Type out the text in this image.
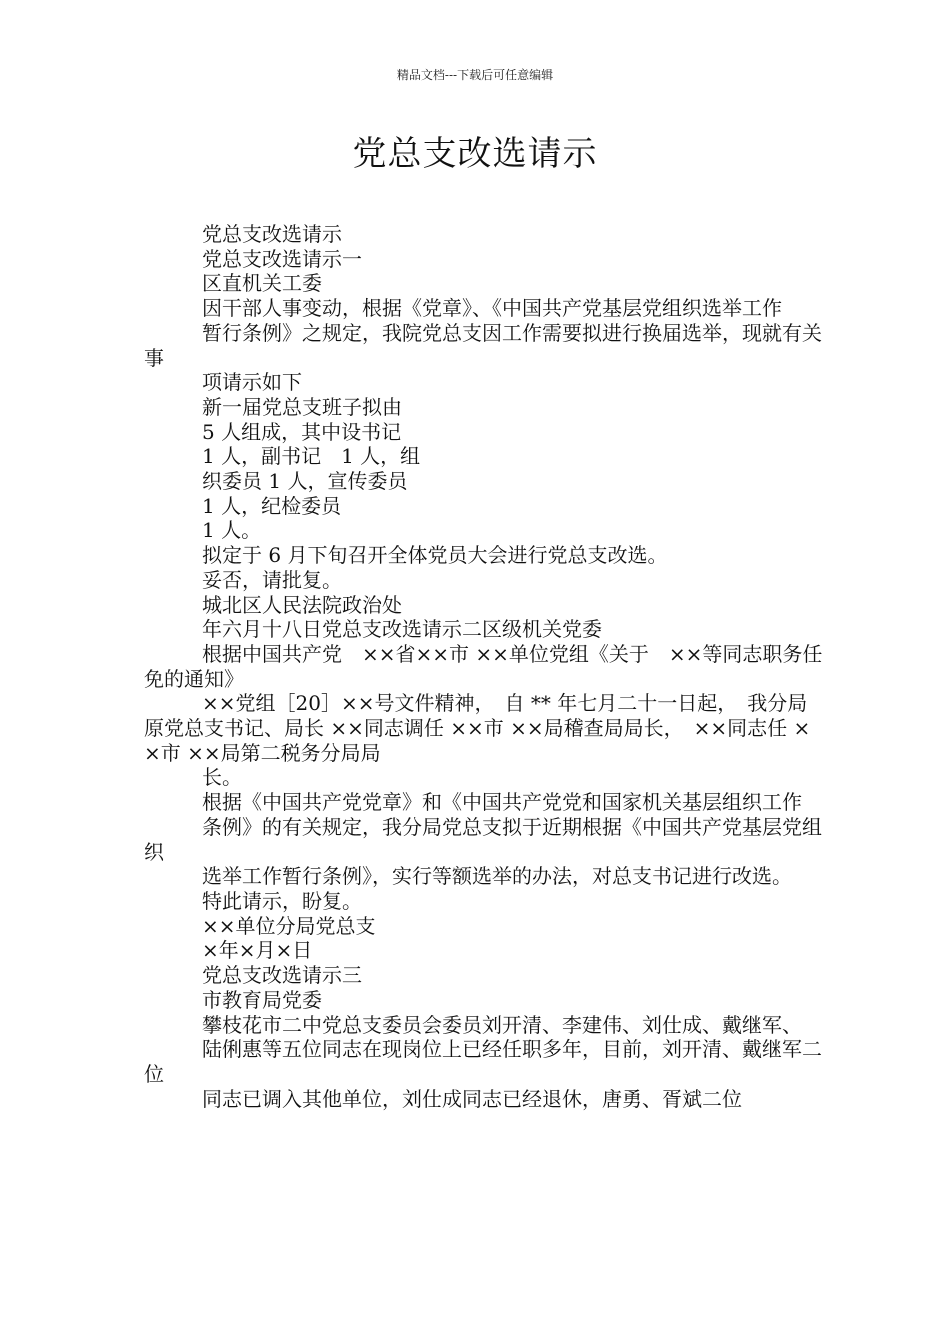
精品文档---下载后可任意编辑
党总支改选请示

党总支改选请示

党总支改选请示一

区直机关工委

因干部人事变动，根据《党章》、《中国共产党基层党组织选举工作

暂行条例》之规定，我院党总支因工作需要拟进行换届选举，现就有关事

项请示如下

新一届党总支班子拟由

5 人组成，其中设书记

1 人，副书记　1 人，组

织委员 1 人，宣传委员

1 人，纪检委员

1 人。

拟定于 6 月下旬召开全体党员大会进行党总支改选。

妥否，请批复。

城北区人民法院政治处

年六月十八日党总支改选请示二区级机关党委

根据中国共产党　××省××市 ××单位党组《关于　××等同志职务任免的通知》

××党组［20］××号文件精神，　自 ** 年七月二十一日起，　我分局原党总支书记、局长 ××同志调任 ××市 ××局稽查局局长，　××同志任 ××市 ××局第二税务分局局

长。

根据《中国共产党党章》和《中国共产党党和国家机关基层组织工作

条例》的有关规定，我分局党总支拟于近期根据《中国共产党基层党组织

选举工作暂行条例》，实行等额选举的办法，对总支书记进行改选。

特此请示，盼复。

××单位分局党总支

×年×月×日

党总支改选请示三

市教育局党委

攀枝花市二中党总支委员会委员刘开清、李建伟、刘仕成、戴继军、

陆俐惠等五位同志在现岗位上已经任职多年，目前，刘开清、戴继军二位

同志已调入其他单位，刘仕成同志已经退休，唐勇、胥斌二位
